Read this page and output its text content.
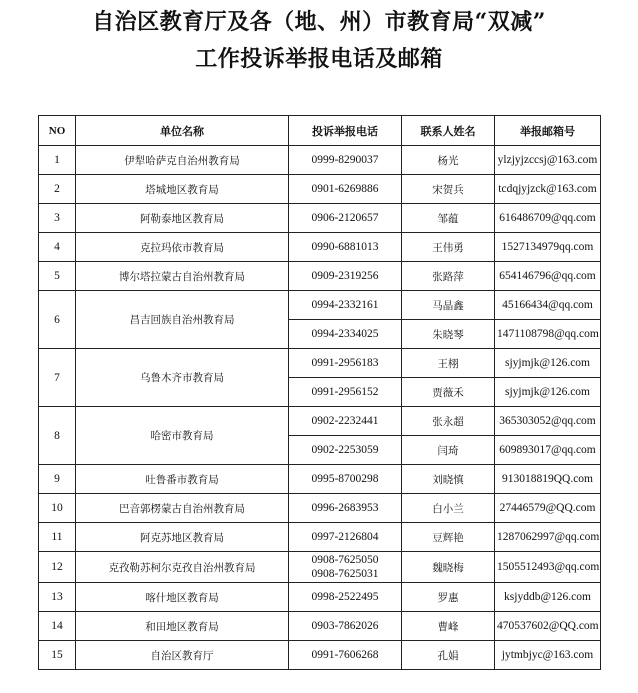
自治区教育厅及各（地、州）市教育局“双减”
工作投诉举报电话及邮箱
NO	单位名称	投诉举报电话	联系人姓名	举报邮箱号
1	伊犁哈萨克自治州教育局	0999-8290037	杨光	ylzjyjzccsj@163.com
2	塔城地区教育局	0901-6269886	宋贺兵	tcdqjyjzck@163.com
3	阿勒泰地区教育局	0906-2120657	邹蕴	616486709@qq.com
4	克拉玛依市教育局	0990-6881013	王伟勇	1527134979qq.com
5	博尔塔拉蒙古自治州教育局	0909-2319256	张路萍	654146796@qq.com
6	昌吉回族自治州教育局	0994-2332161	马晶鑫	45166434@qq.com
		0994-2334025	朱晓琴	1471108798@qq.com
7	乌鲁木齐市教育局	0991-2956183	王栩	sjyjmjk@126.com
		0991-2956152	贾薇禾	sjyjmjk@126.com
8	哈密市教育局	0902-2232441	张永超	365303052@qq.com
		0902-2253059	闫琦	609893017@qq.com
9	吐鲁番市教育局	0995-8700298	刘晓慎	913018819QQ.com
10	巴音郭楞蒙古自治州教育局	0996-2683953	白小兰	27446579@QQ.com
11	阿克苏地区教育局	0997-2126804	豆辉艳	1287062997@qq.com
12	克孜勒苏柯尔克孜自治州教育局	0908-7625050
0908-7625031	魏晓梅	1505512493@qq.com
13	喀什地区教育局	0998-2522495	罗惠	ksjyddb@126.com
14	和田地区教育局	0903-7862026	曹峰	470537602@QQ.com
15	自治区教育厅	0991-7606268	孔娟	jytmbjyc@163.com
